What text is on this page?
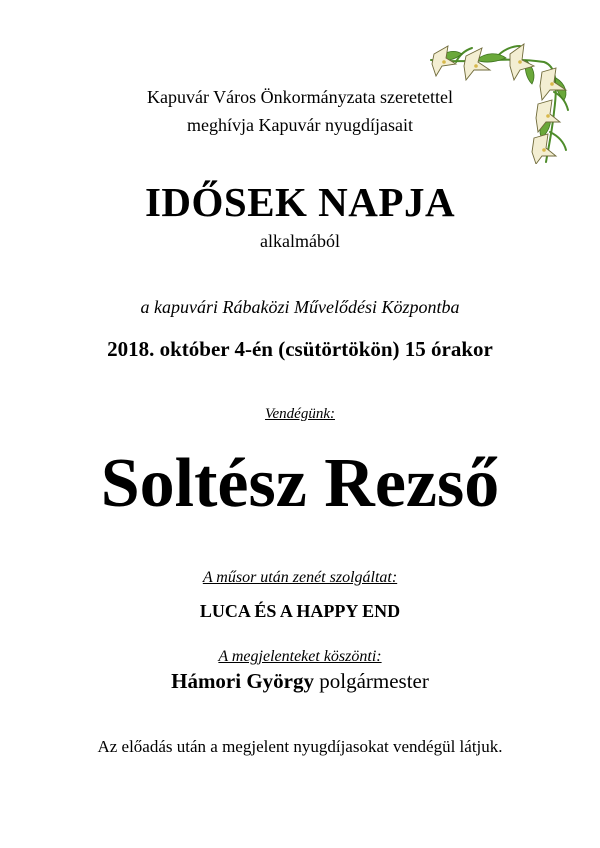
Kapuvár Város Önkormányzata szeretettel
meghívja Kapuvár nyugdíjasait
IDŐSEK NAPJA
alkalmából
a kapuvári Rábaközi Művelődési Központba
2018. október 4-én (csütörtökön) 15 órakor
Vendégünk:
Soltész Rezső
A műsor után zenét szolgáltat:
LUCA ÉS A HAPPY END
A megjelenteket köszönti:
Hámori György polgármester
Az előadás után a megjelent nyugdíjasokat vendégül látjuk.
